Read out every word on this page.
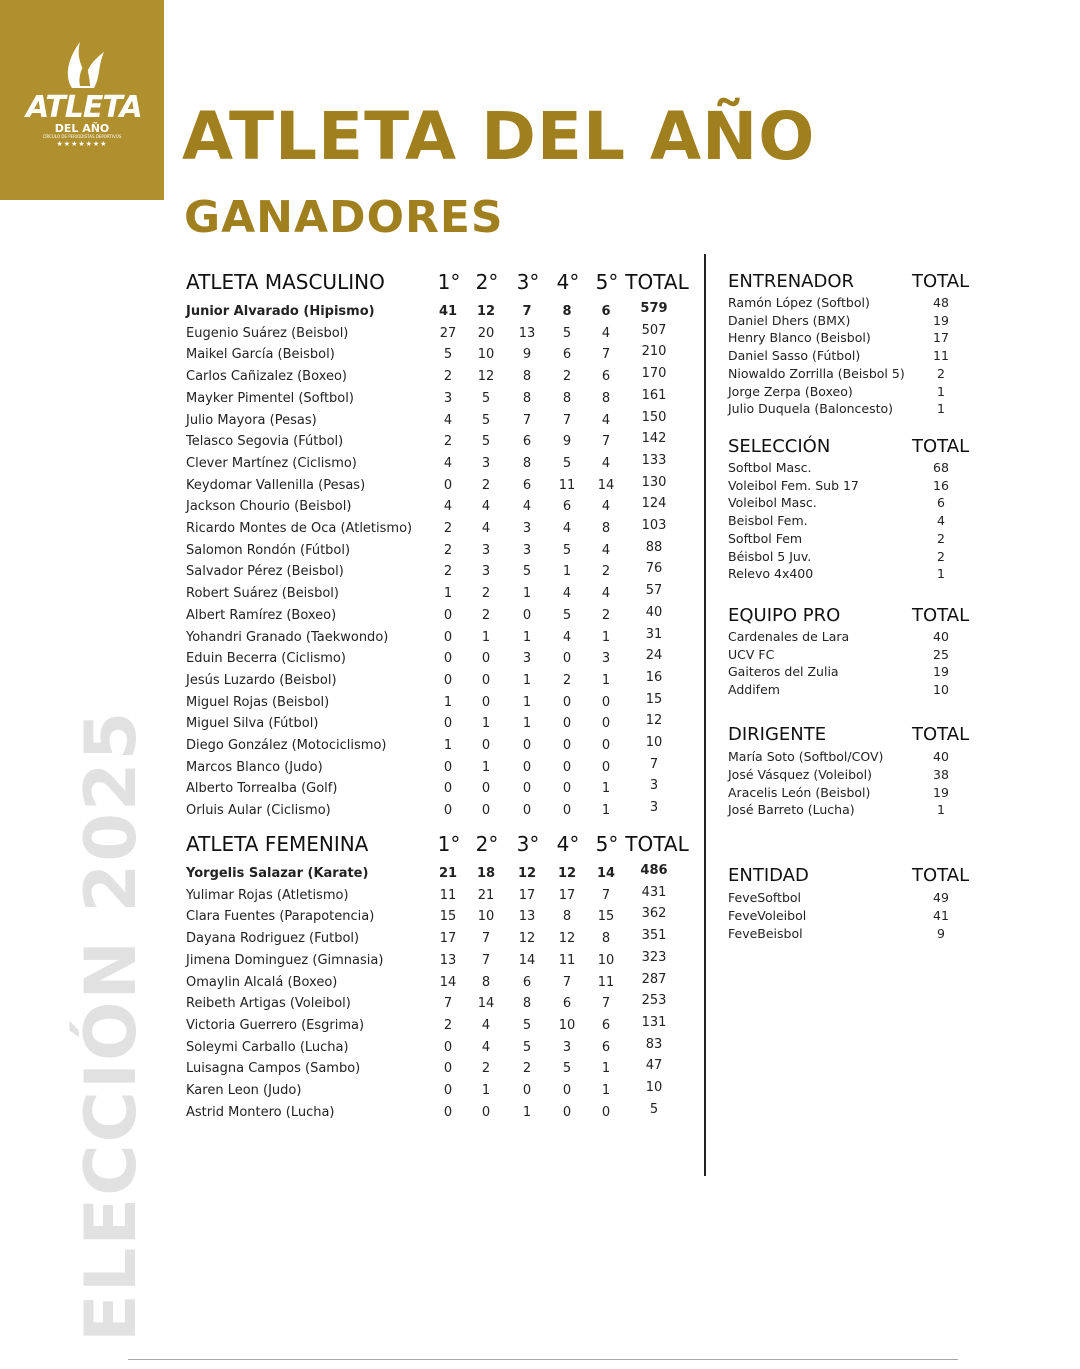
ATLETA
DEL AÑO
CÍRCULO DE PERIODISTAS DEPORTIVOS
★★★★★★★	ATLETA DEL AÑO
GANADORES
ELECCIÓN 2025
ATLETA MASCULINO	1° 2° 3° 4° 5° TOTAL
Junior Alvarado (Hipismo)	41	12	7	8	6	579
Eugenio Suárez (Beisbol)	27	20	13	5	4	507
Maikel García (Beisbol)	5	10	9	6	7	210
Carlos Cañizalez (Boxeo)	2	12	8	2	6	170
Mayker Pimentel (Softbol)	3	5	8	8	8	161
Julio Mayora (Pesas)	4	5	7	7	4	150
Telasco Segovia (Fútbol)	2	5	6	9	7	142
Clever Martínez (Ciclismo)	4	3	8	5	4	133
Keydomar Vallenilla (Pesas)	0	2	6	11	14	130
Jackson Chourio (Beisbol)	4	4	4	6	4	124
Ricardo Montes de Oca (Atletismo)	2	4	3	4	8	103
Salomon Rondón (Fútbol)	2	3	3	5	4	88
Salvador Pérez (Beisbol)	2	3	5	1	2	76
Robert Suárez (Beisbol)	1	2	1	4	4	57
Albert Ramírez (Boxeo)	0	2	0	5	2	40
Yohandri Granado (Taekwondo)	0	1	1	4	1	31
Eduin Becerra (Ciclismo)	0	0	3	0	3	24
Jesús Luzardo (Beisbol)	0	0	1	2	1	16
Miguel Rojas (Beisbol)	1	0	1	0	0	15
Miguel Silva (Fútbol)	0	1	1	0	0	12
Diego González (Motociclismo)	1	0	0	0	0	10
Marcos Blanco (Judo)	0	1	0	0	0	7
Alberto Torrealba (Golf)	0	0	0	0	1	3
Orluis Aular (Ciclismo)	0	0	0	0	1	3
ATLETA FEMENINA	1° 2° 3° 4° 5° TOTAL
Yorgelis Salazar (Karate)	21	18	12	12	14	486
Yulimar Rojas (Atletismo)	11	21	17	17	7	431
Clara Fuentes (Parapotencia)	15	10	13	8	15	362
Dayana Rodriguez (Futbol)	17	7	12	12	8	351
Jimena Dominguez (Gimnasia)	13	7	14	11	10	323
Omaylin Alcalá (Boxeo)	14	8	6	7	11	287
Reibeth Artigas (Voleibol)	7	14	8	6	7	253
Victoria Guerrero (Esgrima)	2	4	5	10	6	131
Soleymi Carballo (Lucha)	0	4	5	3	6	83
Luisagna Campos (Sambo)	0	2	2	5	1	47
Karen Leon (Judo)	0	1	0	0	1	10
Astrid Montero (Lucha)	0	0	1	0	0	5
ENTRENADOR	TOTAL
Ramón López (Softbol)	48
Daniel Dhers (BMX)	19
Henry Blanco (Beisbol)	17
Daniel Sasso (Fútbol)	11
Niowaldo Zorrilla (Beisbol 5)	2
Jorge Zerpa (Boxeo)	1
Julio Duquela (Baloncesto)	1
SELECCIÓN	TOTAL
Softbol Masc.	68
Voleibol Fem. Sub 17	16
Voleibol Masc.	6
Beisbol Fem.	4
Softbol Fem	2
Béisbol 5 Juv.	2
Relevo 4x400	1
EQUIPO PRO	TOTAL
Cardenales de Lara	40
UCV FC	25
Gaiteros del Zulia	19
Addifem	10
DIRIGENTE	TOTAL
María Soto (Softbol/COV)	40
José Vásquez (Voleibol)	38
Aracelis León (Beisbol)	19
José Barreto (Lucha)	1
ENTIDAD	TOTAL
FeveSoftbol	49
FeveVoleibol	41
FeveBeisbol	9
